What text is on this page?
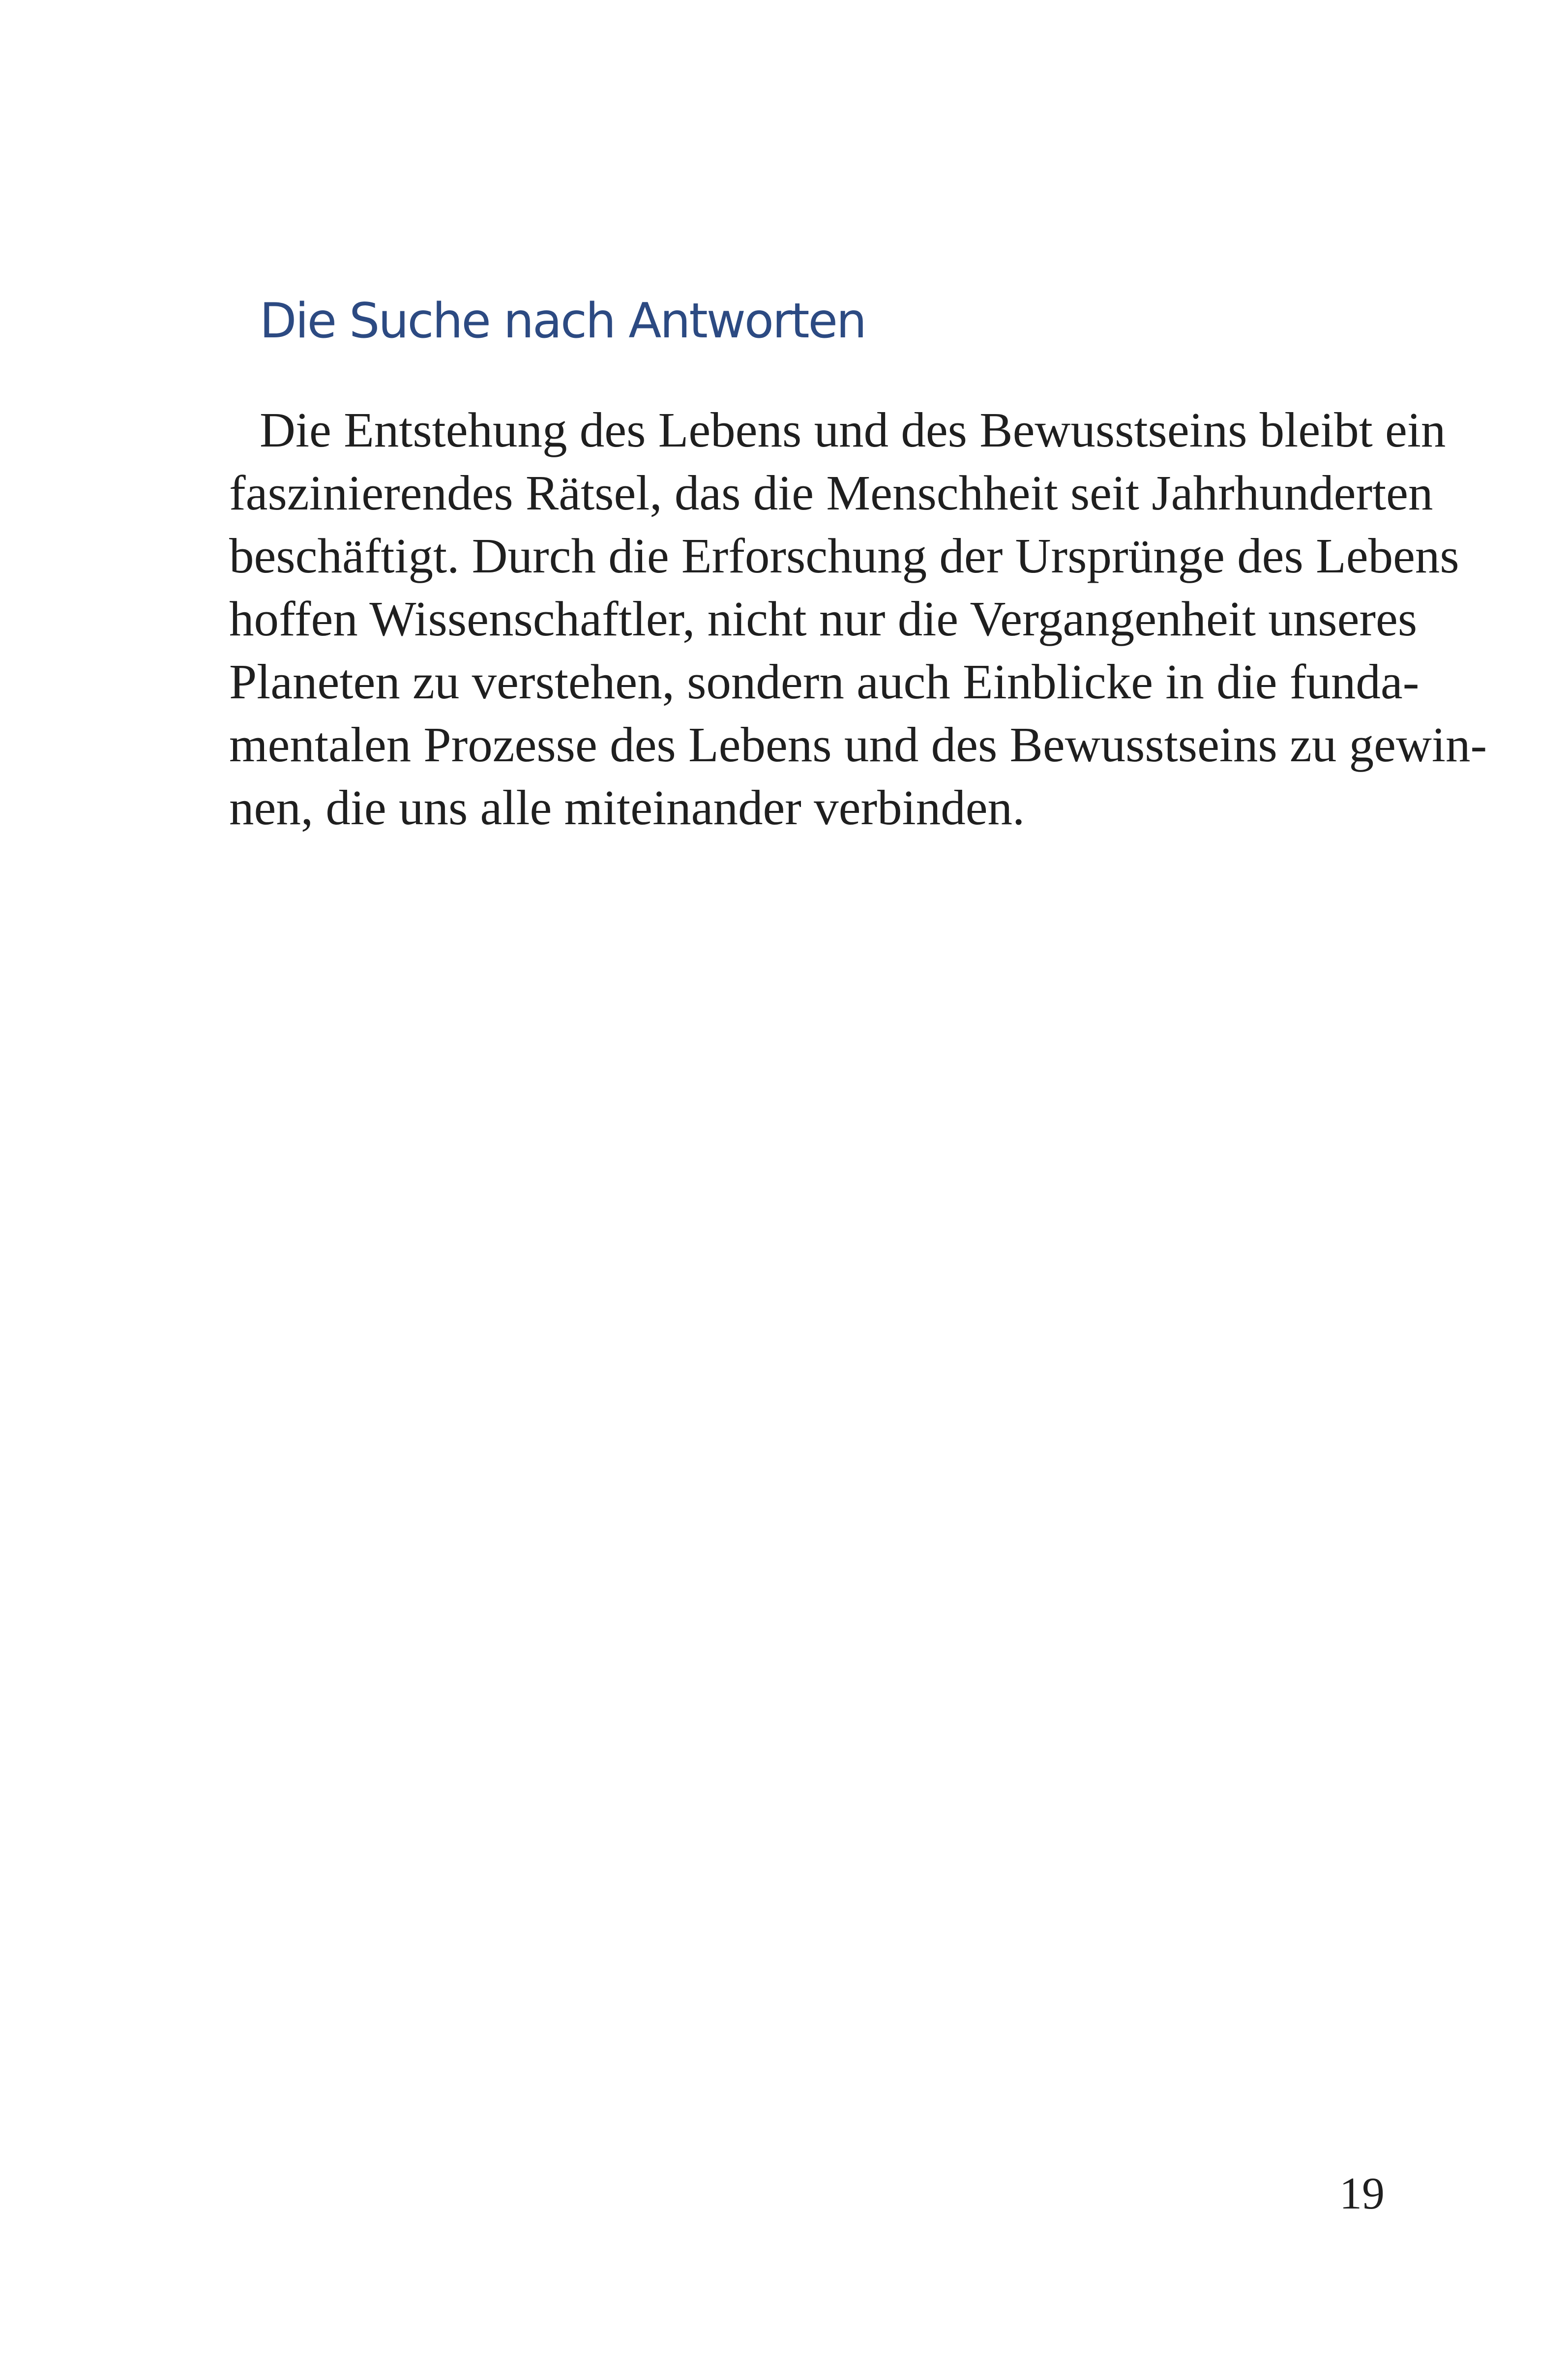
Die Suche nach Antworten
Die Entstehung des Lebens und des Bewusstseins bleibt ein
faszinierendes Rätsel, das die Menschheit seit Jahrhunderten
beschäftigt. Durch die Erforschung der Ursprünge des Lebens
hoffen Wissenschaftler, nicht nur die Vergangenheit unseres
Planeten zu verstehen, sondern auch Einblicke in die funda-
mentalen Prozesse des Lebens und des Bewusstseins zu gewin-
nen, die uns alle miteinander verbinden.
19
